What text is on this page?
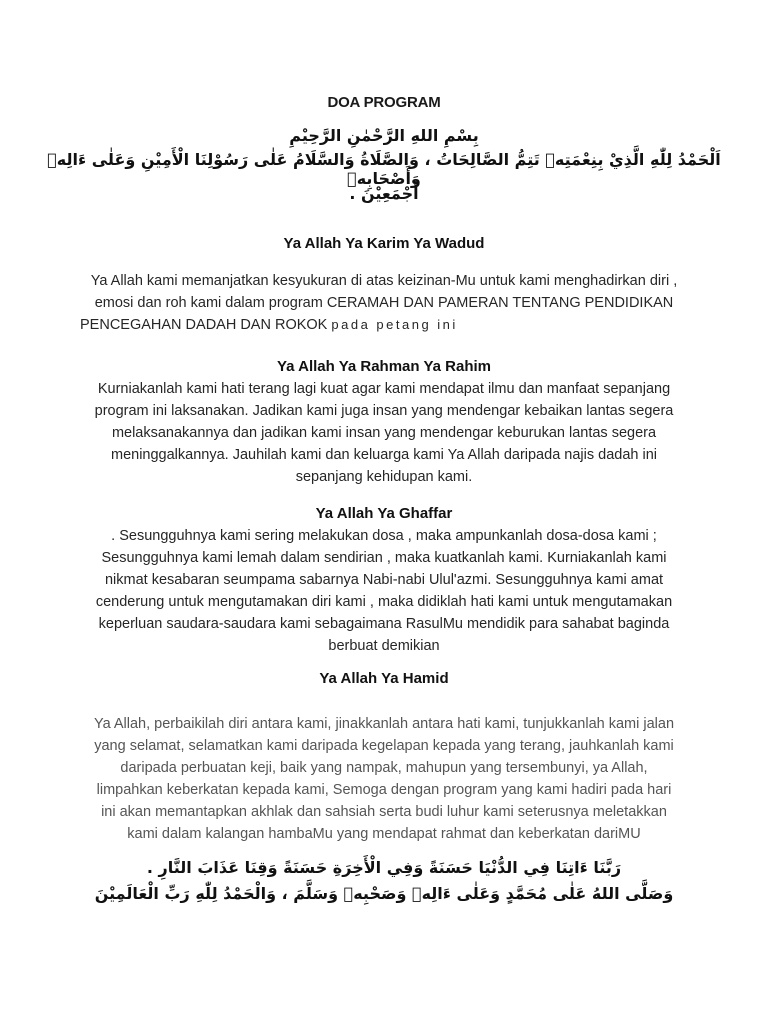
DOA PROGRAM
بِسْمِ اللهِ الرَّحْمٰنِ الرَّحِيْمِ
اَلْحَمْدُ لِلّٰهِ الَّذِيْ بِنِعْمَتِهٖ تَتِمُّ الصَّالِحَاتُ ، وَالصَّلَاةُ وَالسَّلَامُ عَلٰى رَسُوْلِنَا الْأَمِيْنِ وَعَلٰى ءَالِهٖ وَأَصْحَابِهٖ
أَجْمَعِيْنَ .
Ya Allah Ya Karim Ya Wadud
Ya Allah kami memanjatkan kesyukuran di atas keizinan-Mu untuk kami menghadirkan diri ,
emosi dan roh kami dalam program CERAMAH DAN PAMERAN TENTANG PENDIDIKAN
PENCEGAHAN DADAH DAN ROKOK pada petang ini
Ya Allah Ya Rahman Ya Rahim
Kurniakanlah kami hati terang lagi kuat agar kami mendapat ilmu dan manfaat sepanjang
program ini laksanakan. Jadikan kami juga insan yang mendengar kebaikan lantas segera
melaksanakannya dan jadikan kami insan yang mendengar keburukan lantas segera
meninggalkannya. Jauhilah kami dan keluarga kami Ya Allah daripada najis dadah ini
sepanjang kehidupan kami.
Ya Allah Ya Ghaffar
. Sesungguhnya kami sering melakukan dosa , maka ampunkanlah dosa-dosa kami ;
Sesungguhnya kami lemah dalam sendirian , maka kuatkanlah kami. Kurniakanlah kami
nikmat kesabaran seumpama sabarnya Nabi-nabi Ulul'azmi. Sesungguhnya kami amat
cenderung untuk mengutamakan diri kami , maka didiklah hati kami untuk mengutamakan
keperluan saudara-saudara kami sebagaimana RasulMu mendidik para sahabat baginda
berbuat demikian
Ya Allah Ya Hamid
Ya Allah, perbaikilah diri antara kami, jinakkanlah antara hati kami, tunjukkanlah kami jalan
yang selamat, selamatkan kami daripada kegelapan kepada yang terang, jauhkanlah kami
daripada perbuatan keji, baik yang nampak, mahupun yang tersembunyi, ya Allah,
limpahkan keberkatan kepada kami, Semoga dengan program yang kami hadiri pada hari
ini akan memantapkan akhlak dan sahsiah serta budi luhur kami seterusnya meletakkan
kami dalam kalangan hambaMu yang mendapat rahmat dan keberkatan dariMU
رَبَّنَا ءَاتِنَا فِي الدُّنْيَا حَسَنَةً وَفِي الْأَخِرَةِ حَسَنَةً وَقِنَا عَذَابَ النَّارِ .
وَصَلَّى اللهُ عَلٰى مُحَمَّدٍ وَعَلٰى ءَالِهٖ وَصَحْبِهٖ وَسَلَّمَ ، وَالْحَمْدُ لِلّٰهِ رَبِّ الْعَالَمِيْنَ
